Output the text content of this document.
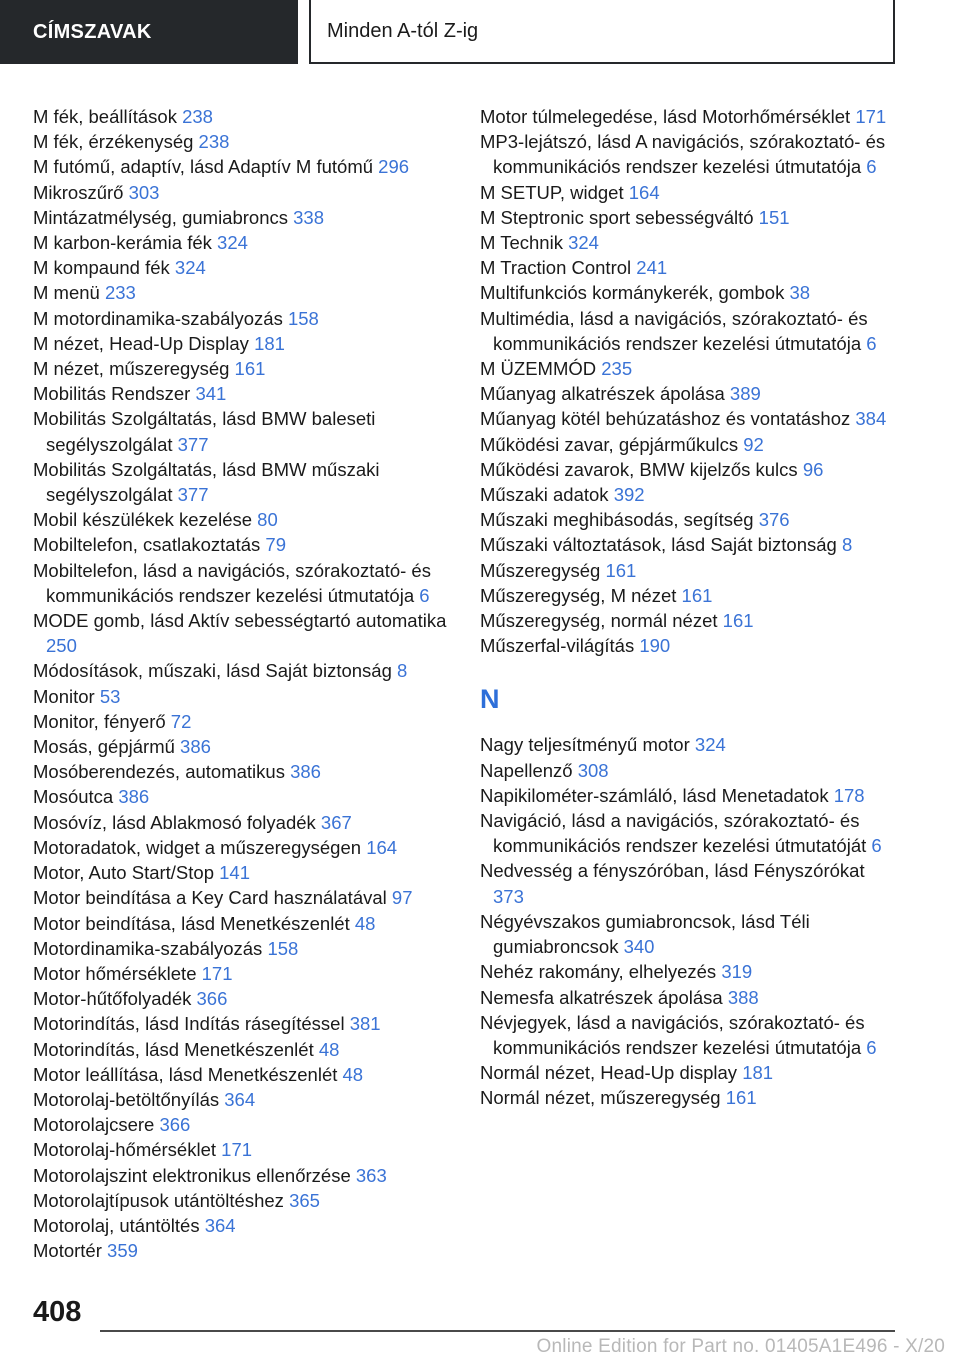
CÍMSZAVAK	Minden A-tól Z-ig
M fék, beállítások 238
M fék, érzékenység 238
M futómű, adaptív, lásd Adaptív M futómű 296
Mikroszűrő 303
Mintázatmélység, gumiabroncs 338
M karbon-kerámia fék 324
M kompaund fék 324
M menü 233
M motordinamika-szabályozás 158
M nézet, Head-Up Display 181
M nézet, műszeregység 161
Mobilitás Rendszer 341
Mobilitás Szolgáltatás, lásd BMW baleseti segélyszolgálat 377
Mobilitás Szolgáltatás, lásd BMW műszaki segélyszolgálat 377
Mobil készülékek kezelése 80
Mobiltelefon, csatlakoztatás 79
Mobiltelefon, lásd a navigációs, szórakoztató- és kommunikációs rendszer kezelési útmutatója 6
MODE gomb, lásd Aktív sebességtartó automatika 250
Módosítások, műszaki, lásd Saját biztonság 8
Monitor 53
Monitor, fényerő 72
Mosás, gépjármű 386
Mosóberendezés, automatikus 386
Mosóutca 386
Mosóvíz, lásd Ablakmosó folyadék 367
Motoradatok, widget a műszeregységen 164
Motor, Auto Start/Stop 141
Motor beindítása a Key Card használatával 97
Motor beindítása, lásd Menetkészenlét 48
Motordinamika-szabályozás 158
Motor hőmérséklete 171
Motor-hűtőfolyadék 366
Motorindítás, lásd Indítás rásegítéssel 381
Motorindítás, lásd Menetkészenlét 48
Motor leállítása, lásd Menetkészenlét 48
Motorolaj-betöltőnyílás 364
Motorolajcsere 366
Motorolaj-hőmérséklet 171
Motorolajszint elektronikus ellenőrzése 363
Motorolajtípusok utántöltéshez 365
Motorolaj, utántöltés 364
Motortér 359
Motor túlmelegedése, lásd Motorhőmérséklet 171
MP3-lejátszó, lásd A navigációs, szórakoztató- és kommunikációs rendszer kezelési útmutatója 6
M SETUP, widget 164
M Steptronic sport sebességváltó 151
M Technik 324
M Traction Control 241
Multifunkciós kormánykerék, gombok 38
Multimédia, lásd a navigációs, szórakoztató- és kommunikációs rendszer kezelési útmutatója 6
M ÜZEMMÓD 235
Műanyag alkatrészek ápolása 389
Műanyag kötél behúzatáshoz és vontatáshoz 384
Működési zavar, gépjárműkulcs 92
Működési zavarok, BMW kijelzős kulcs 96
Műszaki adatok 392
Műszaki meghibásodás, segítség 376
Műszaki változtatások, lásd Saját biztonság 8
Műszeregység 161
Műszeregység, M nézet 161
Műszeregység, normál nézet 161
Műszerfal-világítás 190
N
Nagy teljesítményű motor 324
Napellenző 308
Napikilométer-számláló, lásd Menetadatok 178
Navigáció, lásd a navigációs, szórakoztató- és kommunikációs rendszer kezelési útmutatóját 6
Nedvesség a fényszóróban, lásd Fényszórókat 373
Négyévszakos gumiabroncsok, lásd Téli gumiabroncsok 340
Nehéz rakomány, elhelyezés 319
Nemesfa alkatrészek ápolása 388
Névjegyek, lásd a navigációs, szórakoztató- és kommunikációs rendszer kezelési útmutatója 6
Normál nézet, Head-Up display 181
Normál nézet, műszeregység 161
408
Online Edition for Part no. 01405A1E496 - X/20
